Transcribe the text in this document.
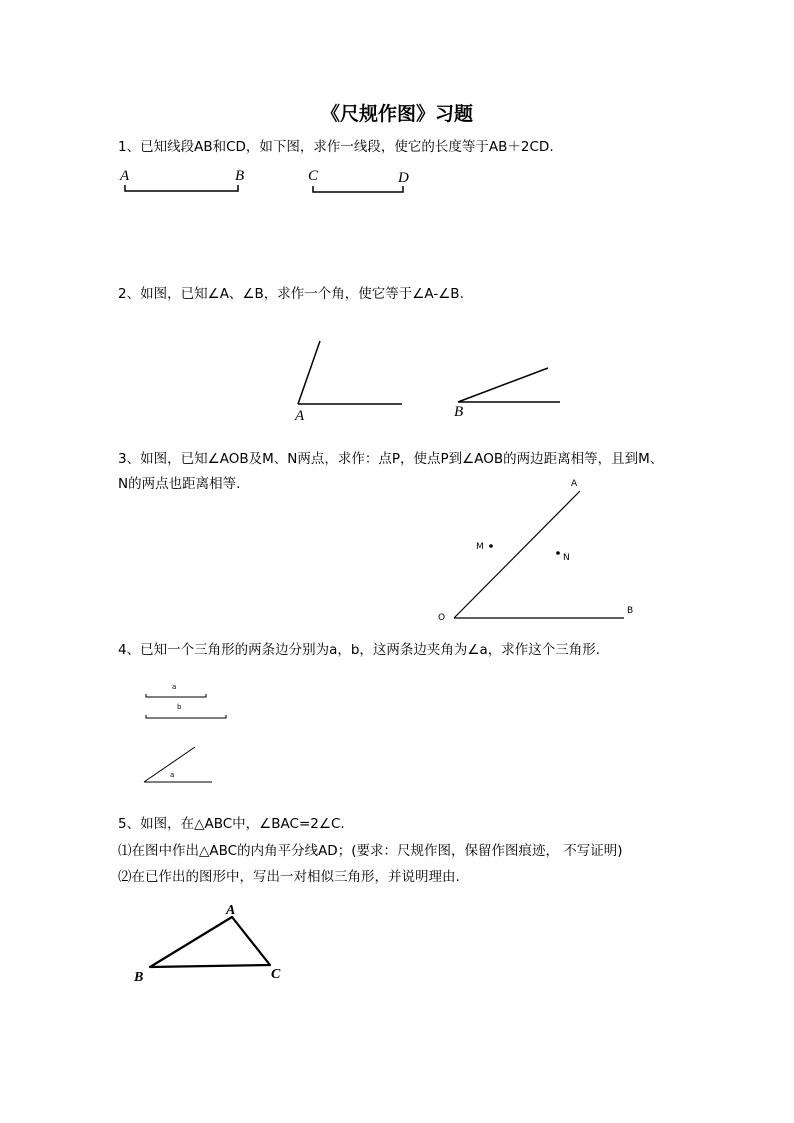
《尺规作图》习题
1、已知线段AB和CD，如下图，求作一线段，使它的长度等于AB＋2CD.
A	B	C	D
2、如图，已知∠A、∠B，求作一个角，使它等于∠A-∠B.
A	B
3、如图，已知∠AOB及M、N两点，求作：点P，使点P到∠AOB的两边距离相等，且到M、
N的两点也距离相等.	A
B
O
M
N
4、已知一个三角形的两条边分别为a，b，这两条边夹角为∠a，求作这个三角形.
a
b
a
5、如图，在△ABC中，∠BAC=2∠C.
⑴在图中作出△ABC的内角平分线AD；(要求：尺规作图，保留作图痕迹， 不写证明)
⑵在已作出的图形中，写出一对相似三角形，并说明理由.
A
B	C
